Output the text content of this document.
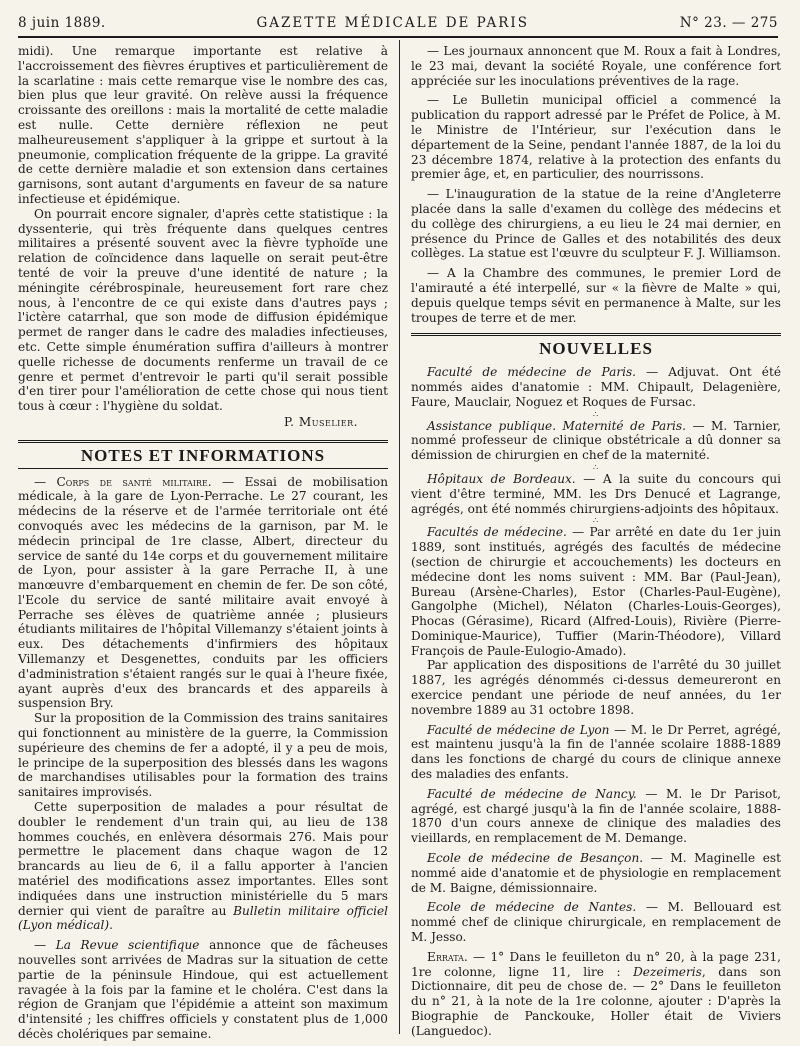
8 juin 1889.	GAZETTE MÉDICALE DE PARIS	N° 23. — 275

midi). Une remarque importante est relative à l'accroissement des fièvres éruptives et particulièrement de la scarlatine : mais cette remarque vise le nombre des cas, bien plus que leur gravité. On relève aussi la fréquence croissante des oreillons : mais la mortalité de cette maladie est nulle. Cette dernière réflexion ne peut malheureusement s'appliquer à la grippe et surtout à la pneumonie, complication fréquente de la grippe. La gravité de cette dernière maladie et son extension dans certaines garnisons, sont autant d'arguments en faveur de sa nature infectieuse et épidémique.

On pourrait encore signaler, d'après cette statistique : la dyssenterie, qui très fréquente dans quelques centres militaires a présenté souvent avec la fièvre typhoïde une relation de coïncidence dans laquelle on serait peut-être tenté de voir la preuve d'une identité de nature ; la méningite cérébrospinale, heureusement fort rare chez nous, à l'encontre de ce qui existe dans d'autres pays ; l'ictère catarrhal, que son mode de diffusion épidémique permet de ranger dans le cadre des maladies infectieuses, etc. Cette simple énumération suffira d'ailleurs à montrer quelle richesse de documents renferme un travail de ce genre et permet d'entrevoir le parti qu'il serait possible d'en tirer pour l'amélioration de cette chose qui nous tient tous à cœur : l'hygiène du soldat.

P. Muselier.
NOTES ET INFORMATIONS

— Corps de santé militaire. — Essai de mobilisation médicale, à la gare de Lyon-Perrache. Le 27 courant, les médecins de la réserve et de l'armée territoriale ont été convoqués avec les médecins de la garnison, par M. le médecin principal de 1re classe, Albert, directeur du service de santé du 14e corps et du gouvernement militaire de Lyon, pour assister à la gare Perrache II, à une manœuvre d'embarquement en chemin de fer. De son côté, l'Ecole du service de santé militaire avait envoyé à Perrache ses élèves de quatrième année ; plusieurs étudiants militaires de l'hôpital Villemanzy s'étaient joints à eux. Des détachements d'infirmiers des hôpitaux Villemanzy et Desgenettes, conduits par les officiers d'administration s'étaient rangés sur le quai à l'heure fixée, ayant auprès d'eux des brancards et des appareils à suspension Bry.

Sur la proposition de la Commission des trains sanitaires qui fonctionnent au ministère de la guerre, la Commission supérieure des chemins de fer a adopté, il y a peu de mois, le principe de la superposition des blessés dans les wagons de marchandises utilisables pour la formation des trains sanitaires improvisés.

Cette superposition de malades a pour résultat de doubler le rendement d'un train qui, au lieu de 138 hommes couchés, en enlèvera désormais 276. Mais pour permettre le placement dans chaque wagon de 12 brancards au lieu de 6, il a fallu apporter à l'ancien matériel des modifications assez importantes. Elles sont indiquées dans une instruction ministérielle du 5 mars dernier qui vient de paraître au Bulletin militaire officiel (Lyon médical).

— La Revue scientifique annonce que de fâcheuses nouvelles sont arrivées de Madras sur la situation de cette partie de la péninsule Hindoue, qui est actuellement ravagée à la fois par la famine et le choléra. C'est dans la région de Granjam que l'épidémie a atteint son maximum d'intensité ; les chiffres officiels y constatent plus de 1,000 décès cholériques par semaine.

— Les journaux annoncent que M. Roux a fait à Londres, le 23 mai, devant la société Royale, une conférence fort appréciée sur les inoculations préventives de la rage.

— Le Bulletin municipal officiel a commencé la publication du rapport adressé par le Préfet de Police, à M. le Ministre de l'Intérieur, sur l'exécution dans le département de la Seine, pendant l'année 1887, de la loi du 23 décembre 1874, relative à la protection des enfants du premier âge, et, en particulier, des nourrissons.

— L'inauguration de la statue de la reine d'Angleterre placée dans la salle d'examen du collège des médecins et du collège des chirurgiens, a eu lieu le 24 mai dernier, en présence du Prince de Galles et des notabilités des deux collèges. La statue est l'œuvre du sculpteur F. J. Williamson.

— A la Chambre des communes, le premier Lord de l'amirauté a été interpellé, sur « la fièvre de Malte » qui, depuis quelque temps sévit en permanence à Malte, sur les troupes de terre et de mer.

NOUVELLES

Faculté de médecine de Paris. — Adjuvat. Ont été nommés aides d'anatomie : MM. Chipault, Delagenière, Faure, Mauclair, Noguez et Roques de Fursac.

∴

Assistance publique. Maternité de Paris. — M. Tarnier, nommé professeur de clinique obstétricale a dû donner sa démission de chirurgien en chef de la maternité.

∴

Hôpitaux de Bordeaux. — A la suite du concours qui vient d'être terminé, MM. les Drs Denucé et Lagrange, agrégés, ont été nommés chirurgiens-adjoints des hôpitaux.

∴

Facultés de médecine. — Par arrêté en date du 1er juin 1889, sont institués, agrégés des facultés de médecine (section de chirurgie et accouchements) les docteurs en médecine dont les noms suivent : MM. Bar (Paul-Jean), Bureau (Arsène-Charles), Estor (Charles-Paul-Eugène), Gangolphe (Michel), Nélaton (Charles-Louis-Georges), Phocas (Gérasime), Ricard (Alfred-Louis), Rivière (Pierre-Dominique-Maurice), Tuffier (Marin-Théodore), Villard François de Paule-Eulogio-Amado).

Par application des dispositions de l'arrêté du 30 juillet 1887, les agrégés dénommés ci-dessus demeureront en exercice pendant une période de neuf années, du 1er novembre 1889 au 31 octobre 1898.

Faculté de médecine de Lyon — M. le Dr Perret, agrégé, est maintenu jusqu'à la fin de l'année scolaire 1888-1889 dans les fonctions de chargé du cours de clinique annexe des maladies des enfants.

Faculté de médecine de Nancy. — M. le Dr Parisot, agrégé, est chargé jusqu'à la fin de l'année scolaire, 1888-1870 d'un cours annexe de clinique des maladies des vieillards, en remplacement de M. Demange.

Ecole de médecine de Besançon. — M. Maginelle est nommé aide d'anatomie et de physiologie en remplacement de M. Baigne, démissionnaire.

Ecole de médecine de Nantes. — M. Bellouard est nommé chef de clinique chirurgicale, en remplacement de M. Jesso.

Errata. — 1° Dans le feuilleton du n° 20, à la page 231, 1re colonne, ligne 11, lire : Dezeimeris, dans son Dictionnaire, dit peu de chose de. — 2° Dans le feuilleton du n° 21, à la note de la 1re colonne, ajouter : D'après la Biographie de Panckouke, Holler était de Viviers (Languedoc).
